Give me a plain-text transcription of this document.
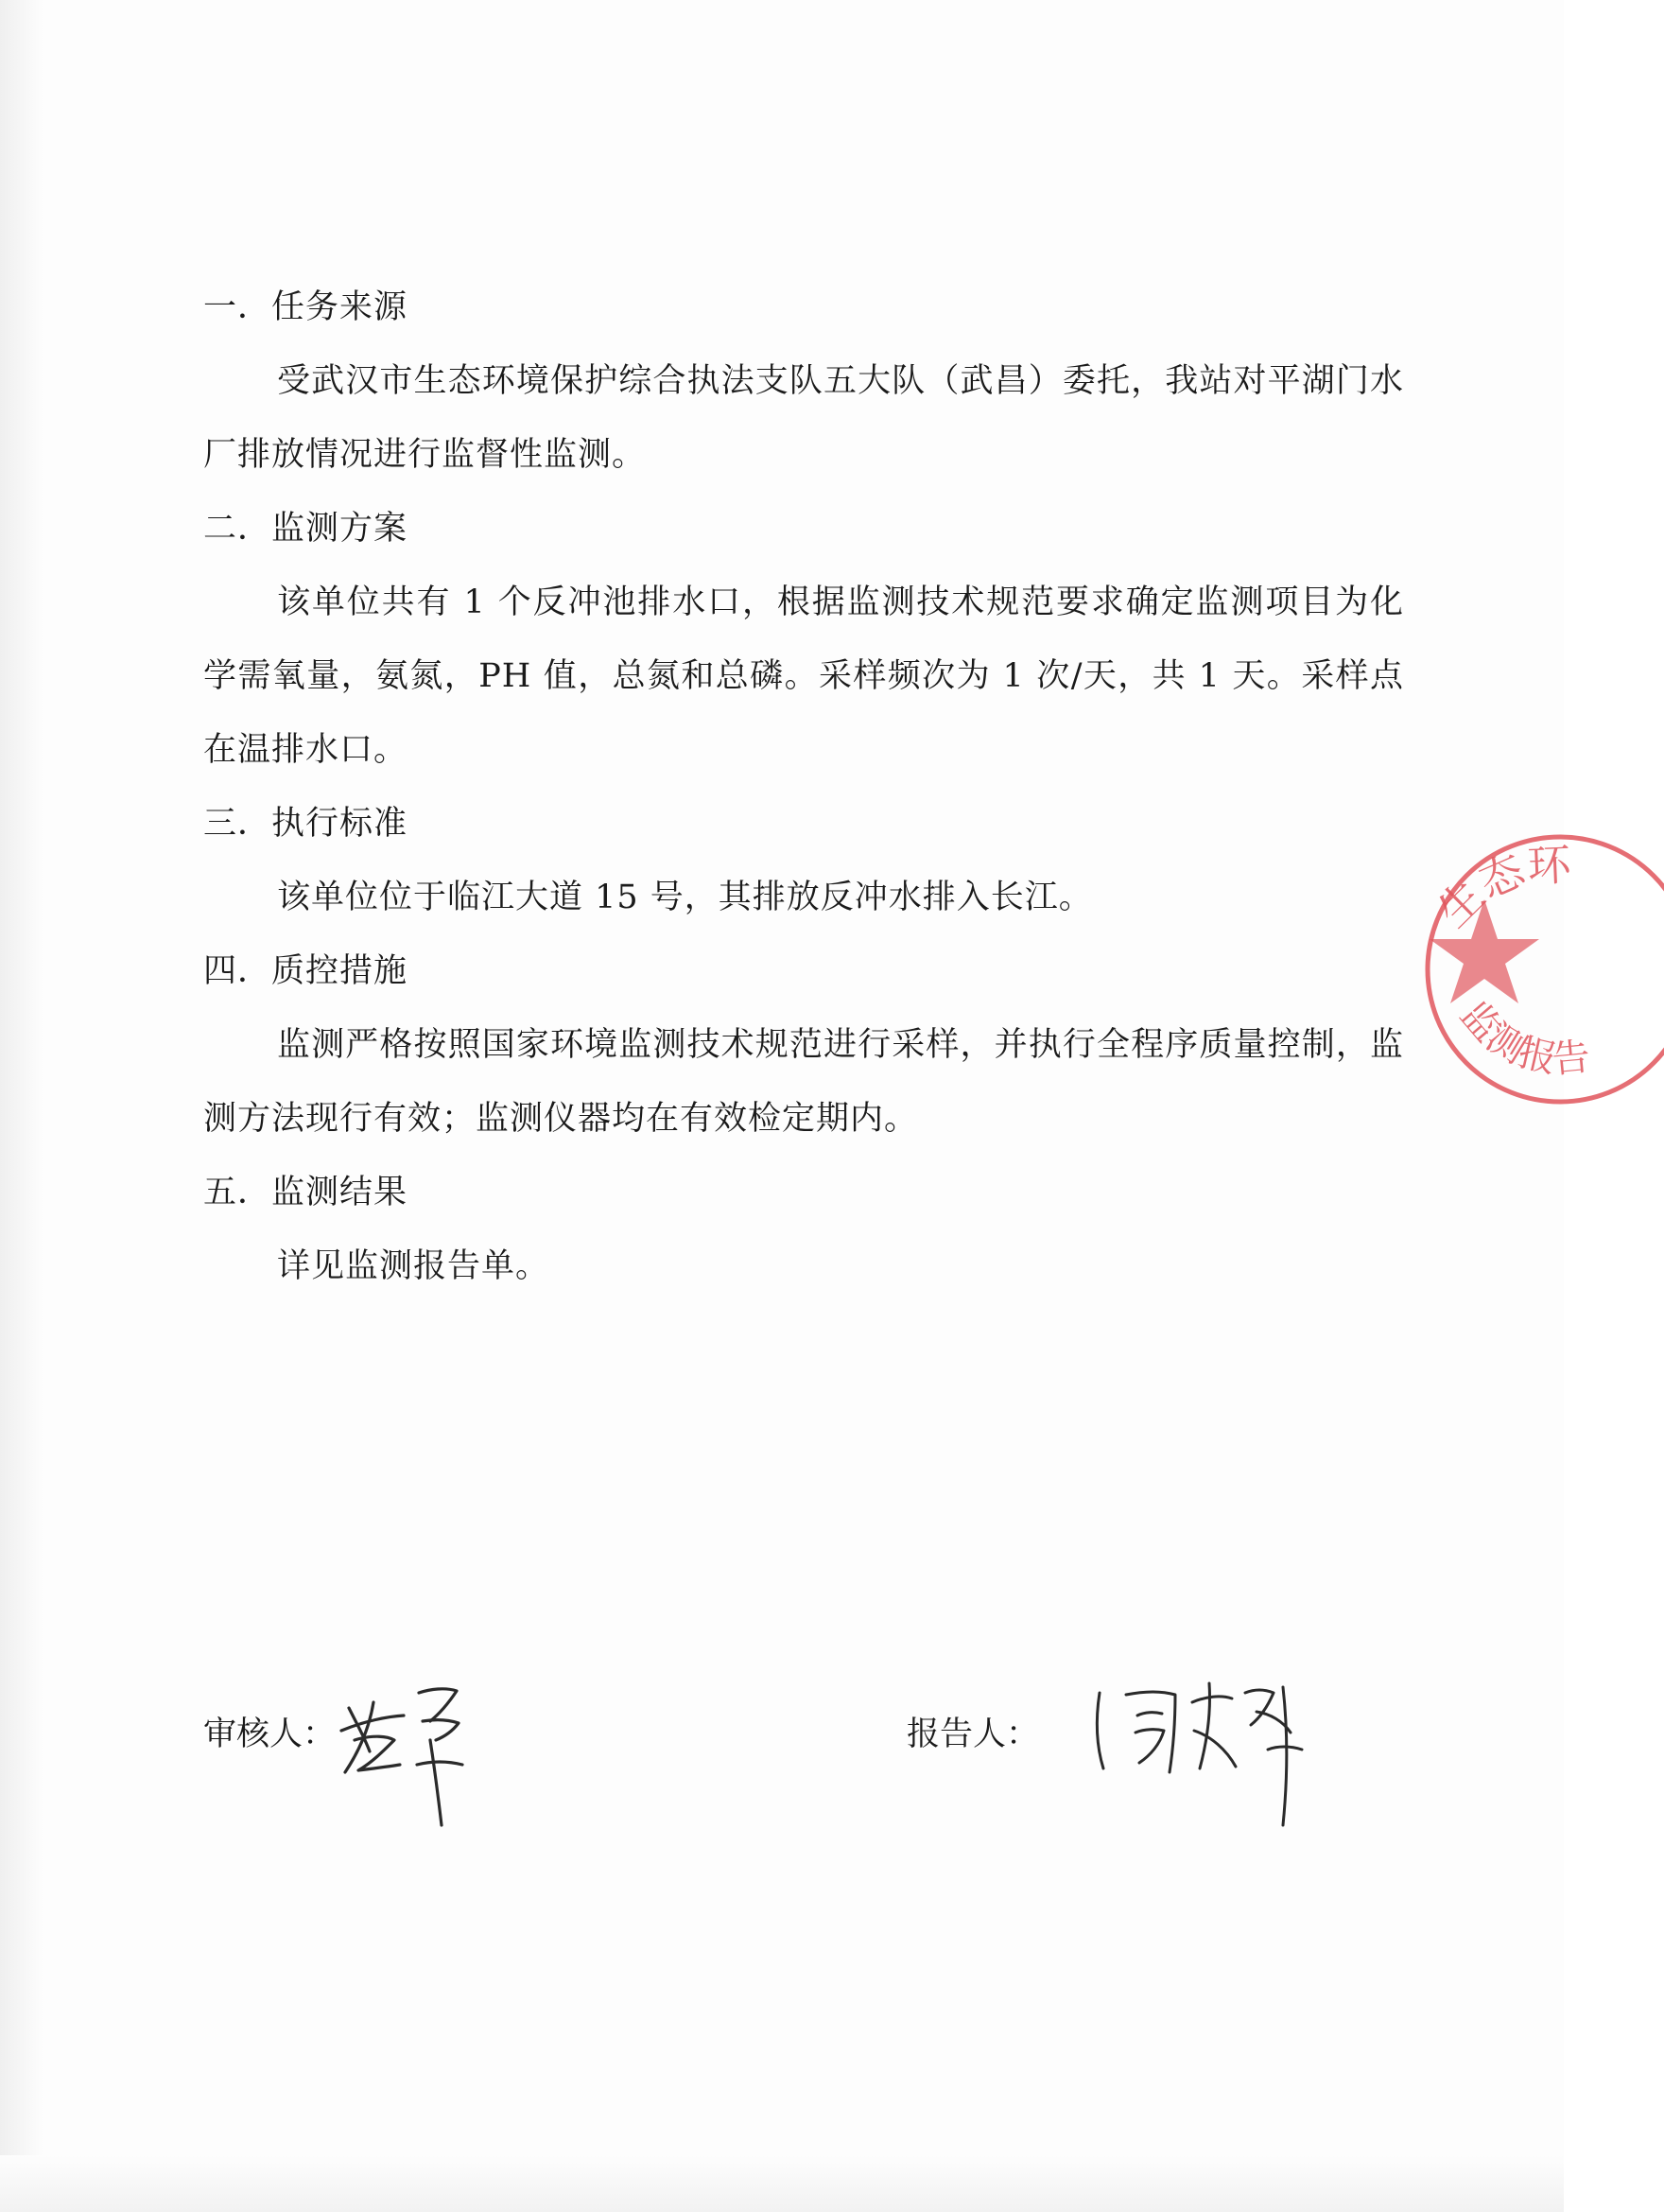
一．任务来源

受武汉市生态环境保护综合执法支队五大队（武昌）委托，我站对平湖门水厂排放情况进行监督性监测。

二．监测方案

该单位共有 1 个反冲池排水口，根据监测技术规范要求确定监测项目为化学需氧量，氨氮，PH 值，总氮和总磷。采样频次为 1 次/天，共 1 天。采样点在温排水口。

三．执行标准

该单位位于临江大道 15 号，其排放反冲水排入长江。

四．质控措施

监测严格按照国家环境监测技术规范进行采样，并执行全程序质量控制，监测方法现行有效；监测仪器均在有效检定期内。

五．监测结果

详见监测报告单。

审核人：	报告人：
生态环
监测报告
